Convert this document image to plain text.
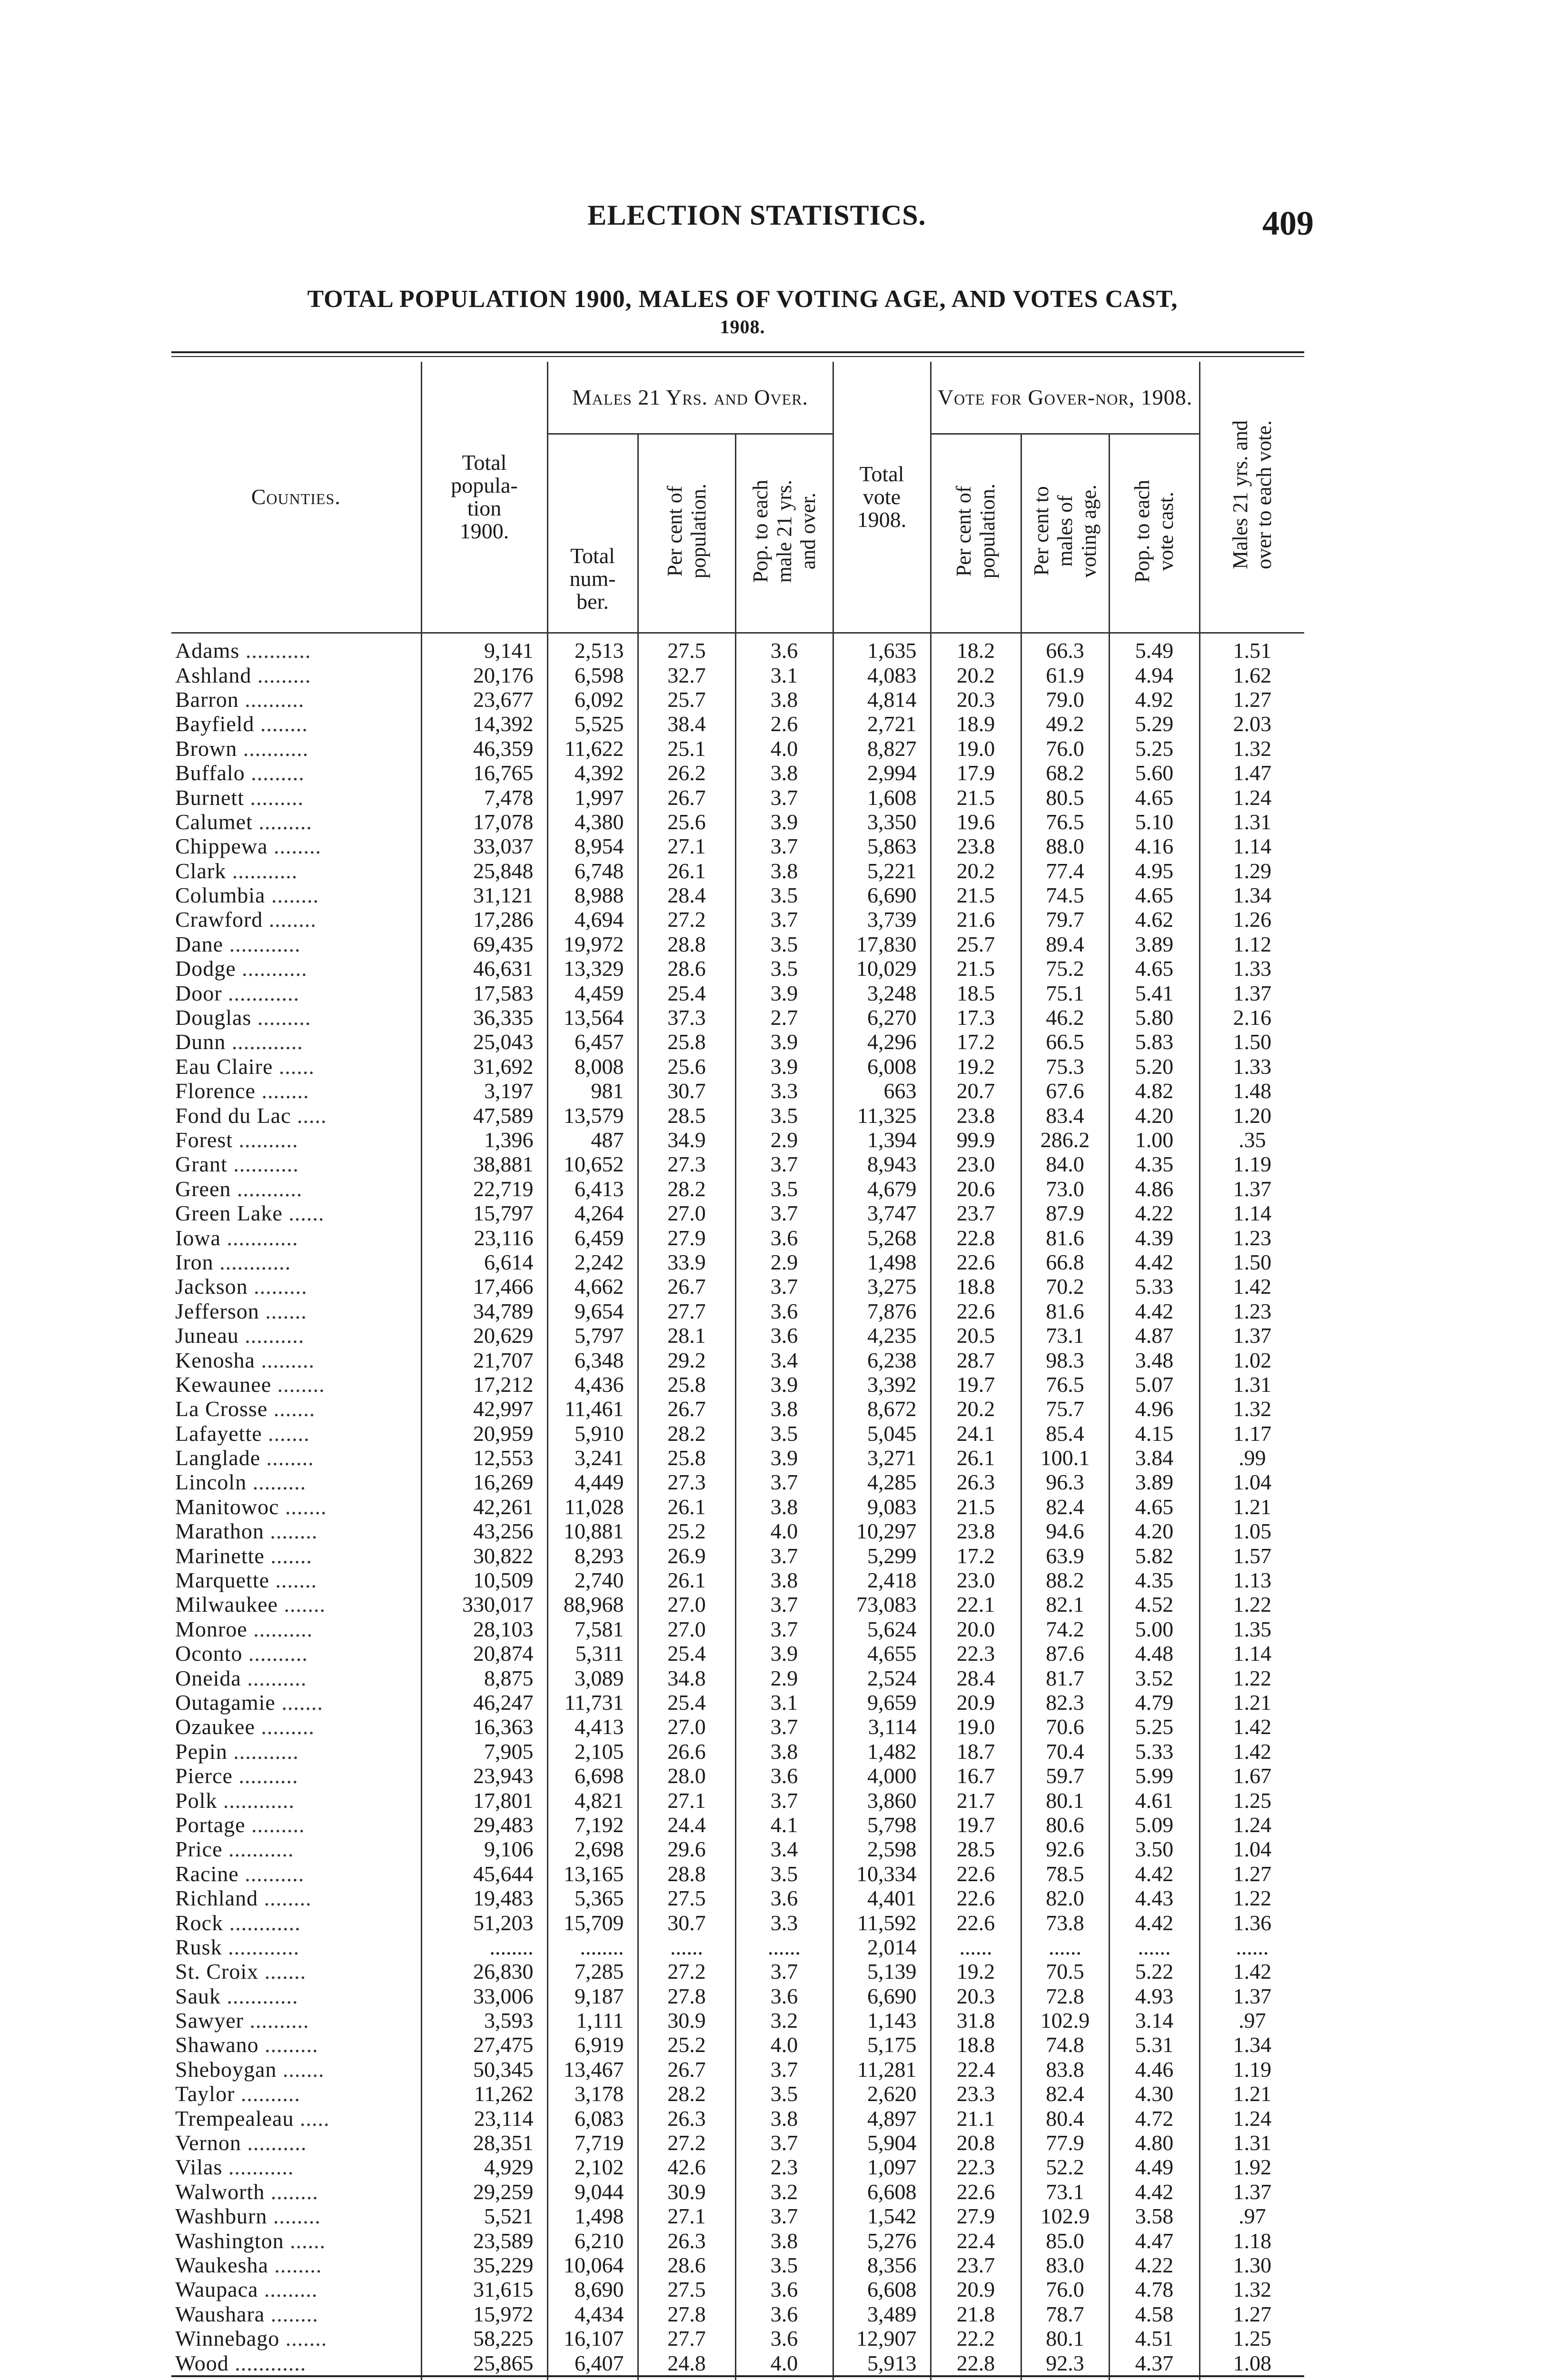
ELECTION STATISTICS.	409
TOTAL POPULATION 1900, MALES OF VOTING AGE, AND VOTES CAST,
1908.
Counties.	Total
popula-
tion
1900.	Males 21 Yrs. and Over.			Total
vote
1908.	Vote for Gover-nor, 1908.			Males 21 yrs. and
over to each vote.
		Total
num-
ber.	Per cent of
population.	Pop. to each
male 21 yrs.
and over.		Per cent of
population.	Per cent to
males of
voting age.	Pop. to each
vote cast.	
Adams ...........	9,141	2,513	27.5	3.6	1,635	18.2	66.3	5.49	1.51
Ashland .........	20,176	6,598	32.7	3.1	4,083	20.2	61.9	4.94	1.62
Barron ..........	23,677	6,092	25.7	3.8	4,814	20.3	79.0	4.92	1.27
Bayfield ........	14,392	5,525	38.4	2.6	2,721	18.9	49.2	5.29	2.03
Brown ...........	46,359	11,622	25.1	4.0	8,827	19.0	76.0	5.25	1.32
Buffalo .........	16,765	4,392	26.2	3.8	2,994	17.9	68.2	5.60	1.47
Burnett .........	7,478	1,997	26.7	3.7	1,608	21.5	80.5	4.65	1.24
Calumet .........	17,078	4,380	25.6	3.9	3,350	19.6	76.5	5.10	1.31
Chippewa ........	33,037	8,954	27.1	3.7	5,863	23.8	88.0	4.16	1.14
Clark ...........	25,848	6,748	26.1	3.8	5,221	20.2	77.4	4.95	1.29
Columbia ........	31,121	8,988	28.4	3.5	6,690	21.5	74.5	4.65	1.34
Crawford ........	17,286	4,694	27.2	3.7	3,739	21.6	79.7	4.62	1.26
Dane ............	69,435	19,972	28.8	3.5	17,830	25.7	89.4	3.89	1.12
Dodge ...........	46,631	13,329	28.6	3.5	10,029	21.5	75.2	4.65	1.33
Door ............	17,583	4,459	25.4	3.9	3,248	18.5	75.1	5.41	1.37
Douglas .........	36,335	13,564	37.3	2.7	6,270	17.3	46.2	5.80	2.16
Dunn ............	25,043	6,457	25.8	3.9	4,296	17.2	66.5	5.83	1.50
Eau Claire ......	31,692	8,008	25.6	3.9	6,008	19.2	75.3	5.20	1.33
Florence ........	3,197	981	30.7	3.3	663	20.7	67.6	4.82	1.48
Fond du Lac .....	47,589	13,579	28.5	3.5	11,325	23.8	83.4	4.20	1.20
Forest ..........	1,396	487	34.9	2.9	1,394	99.9	286.2	1.00	.35
Grant ...........	38,881	10,652	27.3	3.7	8,943	23.0	84.0	4.35	1.19
Green ...........	22,719	6,413	28.2	3.5	4,679	20.6	73.0	4.86	1.37
Green Lake ......	15,797	4,264	27.0	3.7	3,747	23.7	87.9	4.22	1.14
Iowa ............	23,116	6,459	27.9	3.6	5,268	22.8	81.6	4.39	1.23
Iron ............	6,614	2,242	33.9	2.9	1,498	22.6	66.8	4.42	1.50
Jackson .........	17,466	4,662	26.7	3.7	3,275	18.8	70.2	5.33	1.42
Jefferson .......	34,789	9,654	27.7	3.6	7,876	22.6	81.6	4.42	1.23
Juneau ..........	20,629	5,797	28.1	3.6	4,235	20.5	73.1	4.87	1.37
Kenosha .........	21,707	6,348	29.2	3.4	6,238	28.7	98.3	3.48	1.02
Kewaunee ........	17,212	4,436	25.8	3.9	3,392	19.7	76.5	5.07	1.31
La Crosse .......	42,997	11,461	26.7	3.8	8,672	20.2	75.7	4.96	1.32
Lafayette .......	20,959	5,910	28.2	3.5	5,045	24.1	85.4	4.15	1.17
Langlade ........	12,553	3,241	25.8	3.9	3,271	26.1	100.1	3.84	.99
Lincoln .........	16,269	4,449	27.3	3.7	4,285	26.3	96.3	3.89	1.04
Manitowoc .......	42,261	11,028	26.1	3.8	9,083	21.5	82.4	4.65	1.21
Marathon ........	43,256	10,881	25.2	4.0	10,297	23.8	94.6	4.20	1.05
Marinette .......	30,822	8,293	26.9	3.7	5,299	17.2	63.9	5.82	1.57
Marquette .......	10,509	2,740	26.1	3.8	2,418	23.0	88.2	4.35	1.13
Milwaukee .......	330,017	88,968	27.0	3.7	73,083	22.1	82.1	4.52	1.22
Monroe ..........	28,103	7,581	27.0	3.7	5,624	20.0	74.2	5.00	1.35
Oconto ..........	20,874	5,311	25.4	3.9	4,655	22.3	87.6	4.48	1.14
Oneida ..........	8,875	3,089	34.8	2.9	2,524	28.4	81.7	3.52	1.22
Outagamie .......	46,247	11,731	25.4	3.1	9,659	20.9	82.3	4.79	1.21
Ozaukee .........	16,363	4,413	27.0	3.7	3,114	19.0	70.6	5.25	1.42
Pepin ...........	7,905	2,105	26.6	3.8	1,482	18.7	70.4	5.33	1.42
Pierce ..........	23,943	6,698	28.0	3.6	4,000	16.7	59.7	5.99	1.67
Polk ............	17,801	4,821	27.1	3.7	3,860	21.7	80.1	4.61	1.25
Portage .........	29,483	7,192	24.4	4.1	5,798	19.7	80.6	5.09	1.24
Price ...........	9,106	2,698	29.6	3.4	2,598	28.5	92.6	3.50	1.04
Racine ..........	45,644	13,165	28.8	3.5	10,334	22.6	78.5	4.42	1.27
Richland ........	19,483	5,365	27.5	3.6	4,401	22.6	82.0	4.43	1.22
Rock ............	51,203	15,709	30.7	3.3	11,592	22.6	73.8	4.42	1.36
Rusk ............	........	........	......	......	2,014	......	......	......	......
St. Croix .......	26,830	7,285	27.2	3.7	5,139	19.2	70.5	5.22	1.42
Sauk ............	33,006	9,187	27.8	3.6	6,690	20.3	72.8	4.93	1.37
Sawyer ..........	3,593	1,111	30.9	3.2	1,143	31.8	102.9	3.14	.97
Shawano .........	27,475	6,919	25.2	4.0	5,175	18.8	74.8	5.31	1.34
Sheboygan .......	50,345	13,467	26.7	3.7	11,281	22.4	83.8	4.46	1.19
Taylor ..........	11,262	3,178	28.2	3.5	2,620	23.3	82.4	4.30	1.21
Trempealeau .....	23,114	6,083	26.3	3.8	4,897	21.1	80.4	4.72	1.24
Vernon ..........	28,351	7,719	27.2	3.7	5,904	20.8	77.9	4.80	1.31
Vilas ...........	4,929	2,102	42.6	2.3	1,097	22.3	52.2	4.49	1.92
Walworth ........	29,259	9,044	30.9	3.2	6,608	22.6	73.1	4.42	1.37
Washburn ........	5,521	1,498	27.1	3.7	1,542	27.9	102.9	3.58	.97
Washington ......	23,589	6,210	26.3	3.8	5,276	22.4	85.0	4.47	1.18
Waukesha ........	35,229	10,064	28.6	3.5	8,356	23.7	83.0	4.22	1.30
Waupaca .........	31,615	8,690	27.5	3.6	6,608	20.9	76.0	4.78	1.32
Waushara ........	15,972	4,434	27.8	3.6	3,489	21.8	78.7	4.58	1.27
Winnebago .......	58,225	16,107	27.7	3.6	12,907	22.2	80.1	4.51	1.25
Wood ............	25,865	6,407	24.8	4.0	5,913	22.8	92.3	4.37	1.08
